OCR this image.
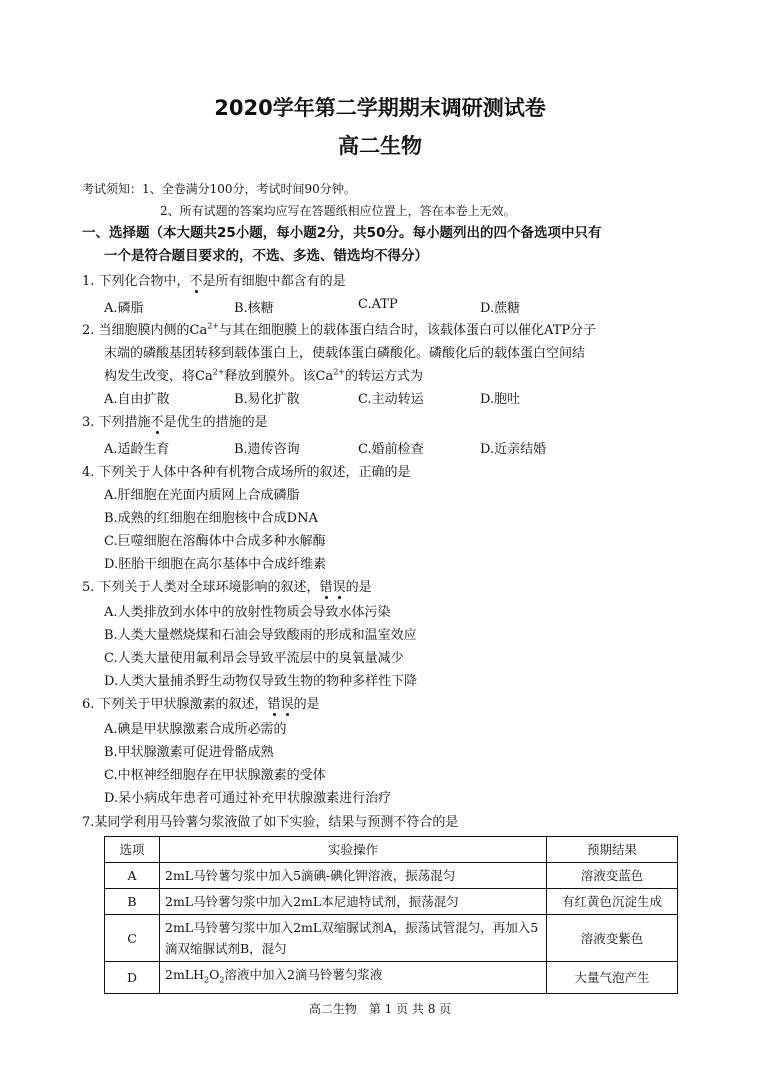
2020学年第二学期期末调研测试卷
高二生物
考试须知：1、全卷满分100分，考试时间90分钟。
2、所有试题的答案均应写在答题纸相应位置上，答在本卷上无效。
一、选择题（本大题共25小题，每小题2分，共50分。每小题列出的四个备选项中只有
一个是符合题目要求的，不选、多选、错选均不得分）
1. 下列化合物中，不是所有细胞中都含有的是
A.磷脂	B.核糖	C.ATP	D.蔗糖
2. 当细胞膜内侧的$Ca^{2+}$与其在细胞膜上的载体蛋白结合时，该载体蛋白可以催化ATP分子
末端的磷酸基团转移到载体蛋白上，使载体蛋白磷酸化。磷酸化后的载体蛋白空间结
构发生改变，将$Ca^{2+}$释放到膜外。该$Ca^{2+}$的转运方式为
A.自由扩散	B.易化扩散	C.主动转运	D.胞吐
3. 下列措施不是优生的措施的是
A.适龄生育	B.遗传咨询	C.婚前检查	D.近亲结婚
4. 下列关于人体中各种有机物合成场所的叙述，正确的是
A.肝细胞在光面内质网上合成磷脂
B.成熟的红细胞在细胞核中合成DNA
C.巨噬细胞在溶酶体中合成多种水解酶
D.胚胎干细胞在高尔基体中合成纤维素
5. 下列关于人类对全球环境影响的叙述，错误的是
A.人类排放到水体中的放射性物质会导致水体污染
B.人类大量燃烧煤和石油会导致酸雨的形成和温室效应
C.人类大量使用氟利昂会导致平流层中的臭氧量减少
D.人类大量捕杀野生动物仅导致生物的物种多样性下降
6. 下列关于甲状腺激素的叙述，错误的是
A.碘是甲状腺激素合成所必需的
B.甲状腺激素可促进骨骼成熟
C.中枢神经细胞存在甲状腺激素的受体
D.呆小病成年患者可通过补充甲状腺激素进行治疗
7.某同学利用马铃薯匀浆液做了如下实验，结果与预测不符合的是
选项	实验操作	预期结果
A	2mL马铃薯匀浆中加入5滴碘-碘化钾溶液，振荡混匀	溶液变蓝色
B	2mL马铃薯匀浆中加入2mL本尼迪特试剂，振荡混匀	有红黄色沉淀生成
C	2mL马铃薯匀浆中加入2mL双缩脲试剂A，振荡试管混匀，再加入5滴双缩脲试剂B，混匀	溶液变紫色
D	$2mLH_2O_2$溶液中加入2滴马铃薯匀浆液	大量气泡产生
高二生物　第 1 页 共 8 页
